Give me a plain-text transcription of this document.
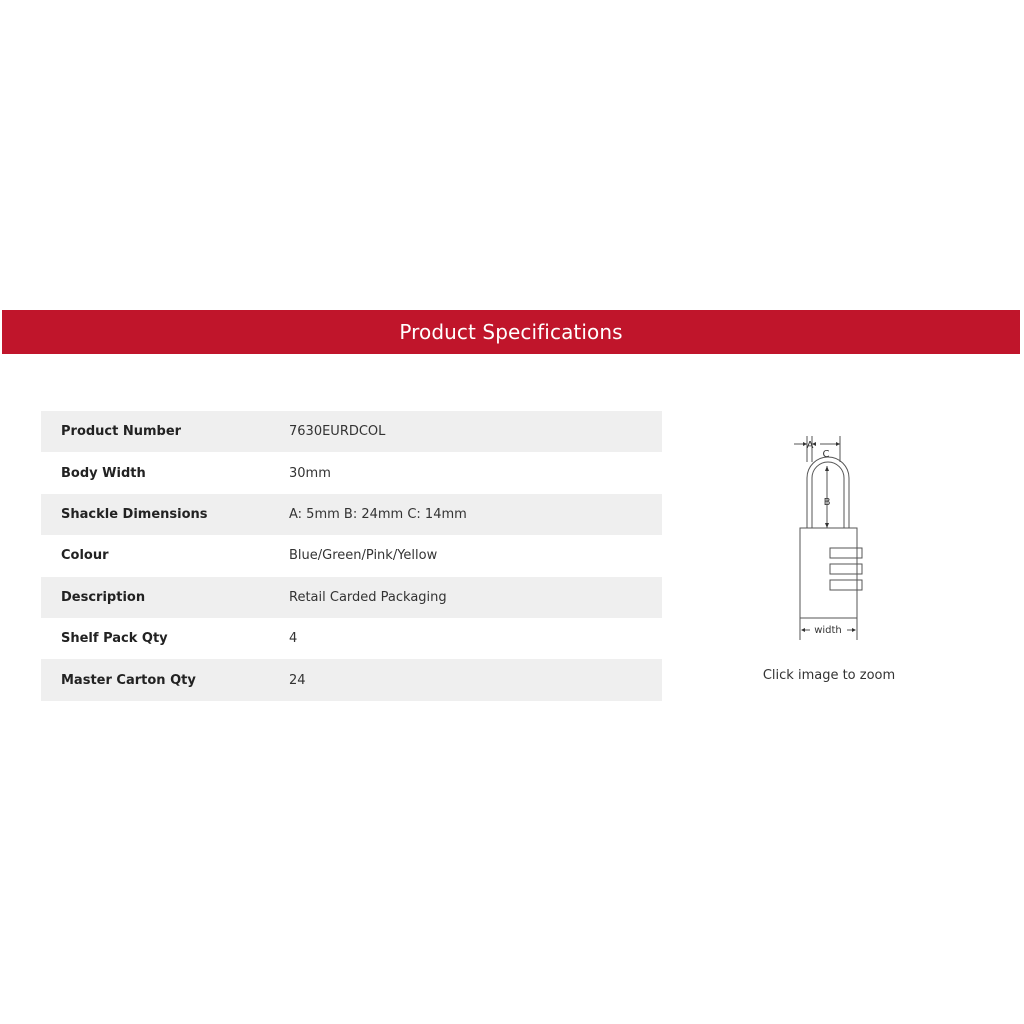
Product Specifications
Product Number	7630EURDCOL
Body Width	30mm
Shackle Dimensions	A: 5mm B: 24mm C: 14mm
Colour	Blue/Green/Pink/Yellow
Description	Retail Carded Packaging
Shelf Pack Qty	4
Master Carton Qty	24
A
C
B
width
Click image to zoom
